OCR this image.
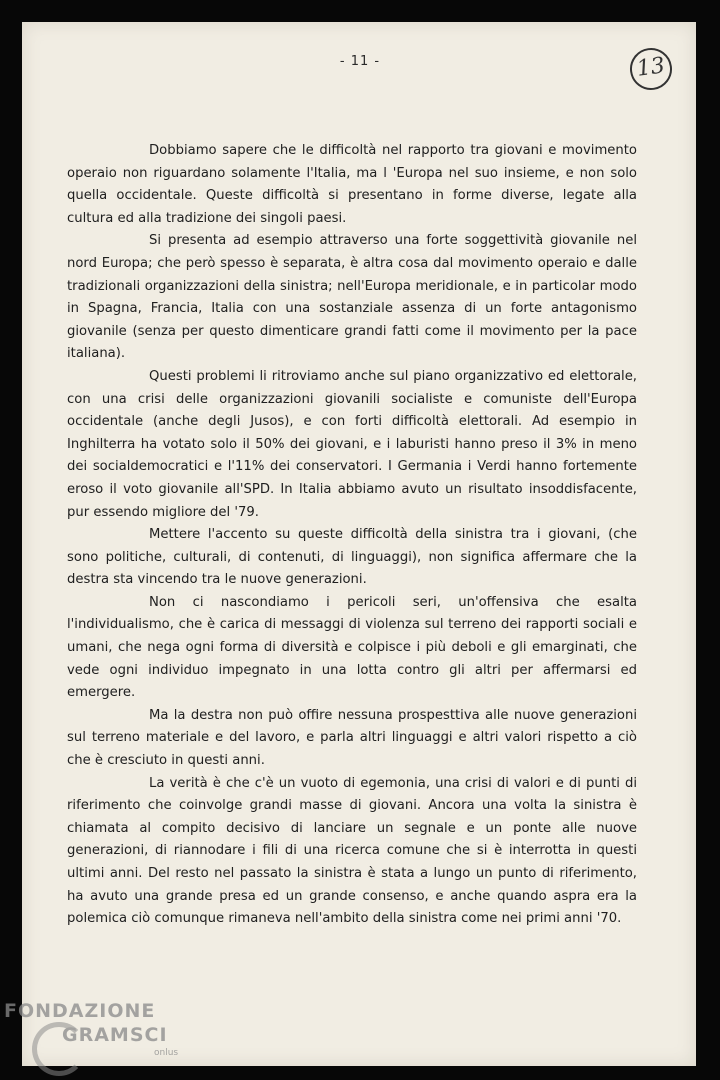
- 11 -	13

Dobbiamo sapere che le difficoltà nel rapporto tra giovani e movimento operaio non riguardano solamente l'Italia, ma l 'Europa nel suo insieme, e non solo quella occidentale. Queste difficoltà si presentano in forme diverse, legate alla cultura ed alla tradizione dei singoli paesi.

Si presenta ad esempio attraverso una forte soggettività giovanile nel nord Europa; che però spesso è separata, è altra cosa dal movimento operaio e dalle tradizionali organizzazioni della sinistra; nell'Europa meridionale, e in particolar modo in Spagna, Francia, Italia con una sostanziale assenza di un forte antagonismo giovanile (senza per questo dimenticare grandi fatti come il movimento per la pace italiana).

Questi problemi li ritroviamo anche sul piano organizzativo ed elettorale, con una crisi delle organizzazioni giovanili socialiste e comuniste dell'Europa occidentale (anche degli Jusos), e con forti difficoltà elettorali. Ad esempio in Inghilterra ha votato solo il 50% dei giovani, e i laburisti hanno preso il 3% in meno dei socialdemocratici e l'11% dei conservatori. I Germania i Verdi hanno fortemente eroso il voto giovanile all'SPD. In Italia abbiamo avuto un risultato insoddisfacente, pur essendo migliore del '79.

Mettere l'accento su queste difficoltà della sinistra tra i giovani, (che sono politiche, culturali, di contenuti, di linguaggi), non significa affermare che la destra sta vincendo tra le nuove generazioni.

Non ci nascondiamo i pericoli seri, un'offensiva che esalta l'individualismo, che è carica di messaggi di violenza sul terreno dei rapporti sociali e umani, che nega ogni forma di diversità e colpisce i più deboli e gli emarginati, che vede ogni individuo impegnato in una lotta contro gli altri per affermarsi ed emergere.

Ma la destra non può offire nessuna prospesttiva alle nuove generazioni sul terreno materiale e del lavoro, e parla altri linguaggi e altri valori rispetto a ciò che è cresciuto in questi anni.

La verità è che c'è un vuoto di egemonia, una crisi di valori e di punti di riferimento che coinvolge grandi masse di giovani. Ancora una volta la sinistra è chiamata al compito decisivo di lanciare un segnale e un ponte alle nuove generazioni, di riannodare i fili di una ricerca comune che si è interrotta in questi ultimi anni. Del resto nel passato la sinistra è stata a lungo un punto di riferimento, ha avuto una grande presa ed un grande consenso, e anche quando aspra era la polemica ciò comunque rimaneva nell'ambito della sinistra come nei primi anni '70.

FONDAZIONE
GRAMSCI
onlus
